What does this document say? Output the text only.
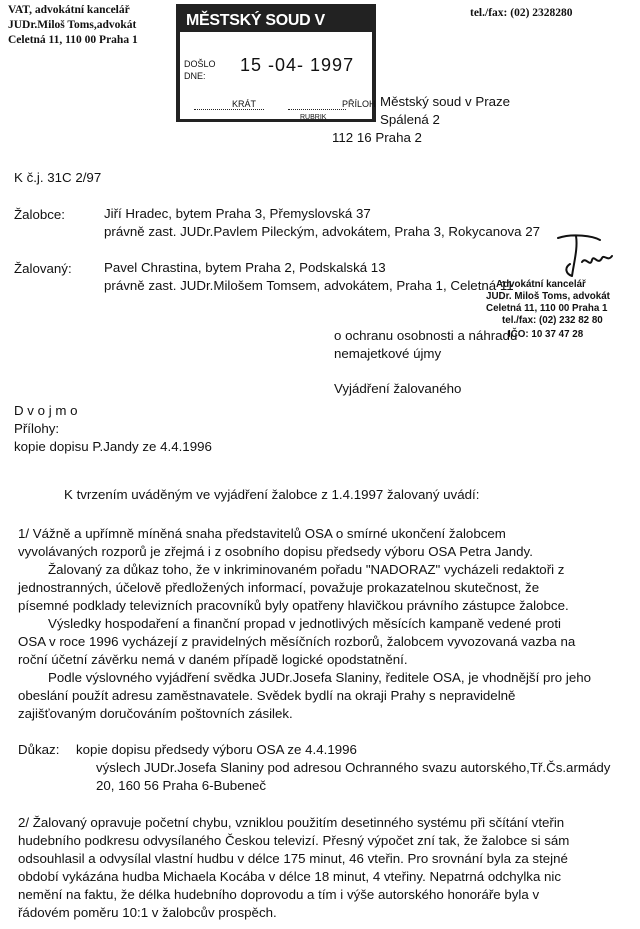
VAT, advokátní kancelář
JUDr.Miloš Toms,advokát
Celetná 11, 110 00 Praha 1
tel./fax: (02) 2328280
MĚSTSKÝ SOUD V PRAZE
DOŠLO
DNE:
15 -04- 1997
KRÁT	PŘÍLOH
RUBRIK
Městský soud v Praze
Spálená 2
112 16 Praha 2
K č.j. 31C 2/97
Žalobce:	Jiří Hradec, bytem Praha 3, Přemyslovská 37
právně zast. JUDr.Pavlem Pileckým, advokátem, Praha 3, Rokycanova 27
Žalovaný: Pavel Chrastina, bytem Praha 2, Podskalská 13
právně zast. JUDr.Milošem Tomsem, advokátem, Praha 1, Celetná 11
Advokátní kancelář
JUDr. Miloš Toms, advokát
Celetná 11, 110 00 Praha 1
tel./fax: (02) 232 82 80
IČO: 10 37 47 28
o ochranu osobnosti a náhradu
nemajetkové újmy
Vyjádření žalovaného
D v o j m o
Přílohy:
kopie dopisu P.Jandy ze 4.4.1996
K tvrzením uváděným ve vyjádření žalobce z 1.4.1997 žalovaný uvádí:
1/ Vážně a upřímně míněná snaha představitelů OSA o smírné ukončení žalobcem
vyvolávaných rozporů je zřejmá i z osobního dopisu předsedy výboru OSA Petra Jandy.
Žalovaný za důkaz toho, že v inkriminovaném pořadu "NADORAZ" vycházeli redaktoři z
jednostranných, účelově předložených informací, považuje prokazatelnou skutečnost, že
písemné podklady televizních pracovníků byly opatřeny hlavičkou právního zástupce žalobce.
Výsledky hospodaření a finanční propad v jednotlivých měsících kampaně vedené proti
OSA v roce 1996 vycházejí z pravidelných měsíčních rozborů, žalobcem vyvozovaná vazba na
roční účetní závěrku nemá v daném případě logické opodstatnění.
Podle výslovného vyjádření svědka JUDr.Josefa Slaniny, ředitele OSA, je vhodnější pro jeho
obeslání použít adresu zaměstnavatele. Svědek bydlí na okraji Prahy s nepravidelně
zajišťovaným doručováním poštovních zásilek.
Důkaz: kopie dopisu předsedy výboru OSA ze 4.4.1996
výslech JUDr.Josefa Slaniny pod adresou Ochranného svazu autorského,Tř.Čs.armády
20, 160 56 Praha 6-Bubeneč
2/ Žalovaný opravuje početní chybu, vzniklou použitím desetinného systému při sčítání vteřin
hudebního podkresu odvysílaného Českou televizí. Přesný výpočet zní tak, že žalobce si sám
odsouhlasil a odvysílal vlastní hudbu v délce 175 minut, 46 vteřin. Pro srovnání byla za stejné
období vykázána hudba Michaela Kocába v délce 18 minut, 4 vteřiny. Nepatrná odchylka nic
nemění na faktu, že délka hudebního doprovodu a tím i výše autorského honoráře byla v
řádovém poměru 10:1 v žalobcův prospěch.
